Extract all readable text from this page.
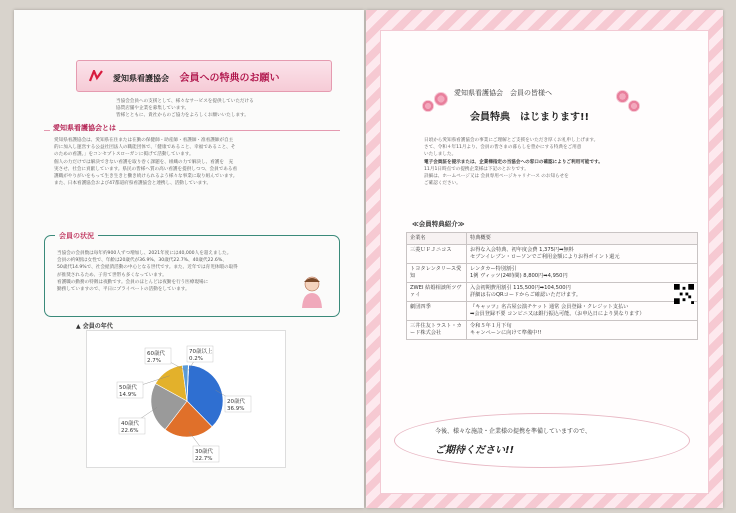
愛知県看護協会 会員への特典のお願い
当協会会員への支援として、様々なサービスを提供していただける
協賛店舗や企業を募集しています。
皆様とともに、貴社からのご協力をよろしくお願いいたします。
愛知県看護協会とは
愛知県看護協会は、愛知県在住または在勤の保健師・助産師・看護師・准看護師が自主
的に加入し運営する公益社団法人の職能団体で、「健康であること、幸福であること、そ
のための看護。」をコンセプトスローガンに掲げて活動しています。
個人の力だけでは解決できない看護を取り巻く課題を、組織の力で解決し、看護を　充
実させ、社会に貢献しています。県民の皆様へ質の高い看護を提供しつつ、会員である看
護職がやりがいをもって生き生きと働き続けられるよう様々な事業に取り組んでいます。
また、日本看護協会および47都道府県看護協会と連携し、活動しています。
会員の状況
当協会の会員数は毎年約900人ずつ増加し、2021年度には40,000人を超えました。
会員の約9割は女性で、年齢は20歳代が36.9%、30歳代22.7%、40歳代22.6%、
50歳代14.9%で、社会経済活動の中心となる世代です。また、近年では育児休暇の取得
が推奨されるため、子育て世帯も多くなっています。
看護職の勤務の特徴は夜勤です。会員のほとんどは夜勤を行う医療現場に
勤務していますので、平日にプライベートの活動をしています。
▲ 会員の年代
20歳代
36.9%
30歳代
22.7%
40歳代
22.6%
50歳代
14.9%
60歳代
2.7%
70歳以上
0.2%
愛知県看護協会　会員の皆様へ
会員特典　はじまります!!
日頃から愛知県看護協会の事業にご理解とご支援をいただき厚くお礼申し上げます。
さて、令和４年11月より、会員の皆さまの暮らしを豊かにする特典をご用意
いたしました。
電子会員証を提示または、企業様指定の当協会への窓口の確認によりご利用可能です。
11月1日時点での提携企業様は下記のとおりです。
詳細は、ホームページ又は 会員専用ページキャリナース のお知らせを
ご確認ください。
≪会員特典紹介≫
企業名	特典概要
三菱ＵＦＪニコス	お得な入会特典、初年度会費 1,375円➡無料
セブンイレブン・ローソンでご利用金額によりお得ポイント還元

トヨタレンタリース愛知	レンタカー特別割引
1例 ヴィッツ(24時間) 8,800円➡4,950円

ZWEI 結婚相談所ツヴァイ	入会初期費用割引 115,500円➡104,500円
詳細は右のQRコードからご確認いただけます。

劇団四季	『キャッツ』名古屋公演チケット 通常 会員登録・クレジット支払い
➡会員登録不要 コンビニ又は銀行振込可能。（お申込日により異なります）

三井住友トラスト・カード株式会社	令和５年１月下旬
キャンペーンに向けて準備中!!
今後、様々な施設・企業様の提携を準備していますので、
ご期待ください!!
